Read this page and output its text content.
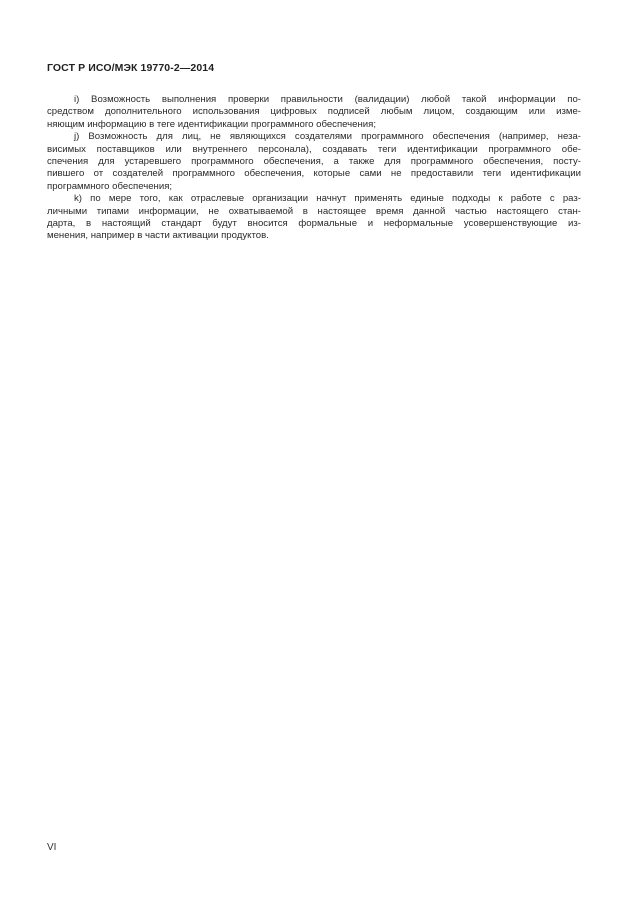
ГОСТ Р ИСО/МЭК 19770-2—2014
i) Возможность выполнения проверки правильности (валидации) любой такой информации по-
средством дополнительного использования цифровых подписей любым лицом, создающим или изме-
няющим информацию в теге идентификации программного обеспечения;
j) Возможность для лиц, не являющихся создателями программного обеспечения (например, неза-
висимых поставщиков или внутреннего персонала), создавать теги идентификации программного обе-
спечения для устаревшего программного обеспечения, а также для программного обеспечения, посту-
пившего от создателей программного обеспечения, которые сами не предоставили теги идентификации
программного обеспечения;
k) по мере того, как отраслевые организации начнут применять единые подходы к работе с раз-
личными типами информации, не охватываемой в настоящее время данной частью настоящего стан-
дарта, в настоящий стандарт будут вносится формальные и неформальные усовершенствующие из-
менения, например в части активации продуктов.
VI
